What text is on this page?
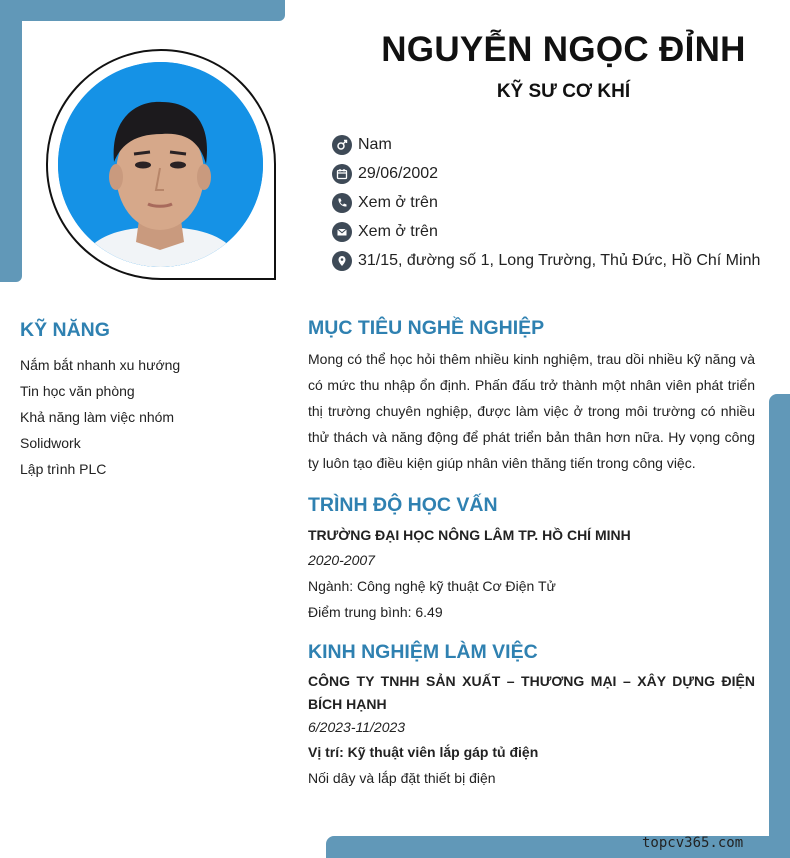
NGUYỄN NGỌC ĐỈNH
KỸ SƯ CƠ KHÍ
Nam
29/06/2002
Xem ở trên
Xem ở trên
31/15, đường số 1, Long Trường, Thủ Đức, Hồ Chí Minh
KỸ NĂNG
Nắm bắt nhanh xu hướng
Tin học văn phòng
Khả năng làm việc nhóm
Solidwork
Lập trình PLC
MỤC TIÊU NGHỀ NGHIỆP
Mong có thể học hỏi thêm nhiều kinh nghiệm, trau dồi nhiều kỹ năng và có mức thu nhập ổn định. Phấn đấu trở thành một nhân viên phát triển thị trường chuyên nghiệp, được làm việc ở trong môi trường có nhiều thử thách và năng động để phát triển bản thân hơn nữa. Hy vọng công ty luôn tạo điều kiện giúp nhân viên thăng tiến trong công việc.
TRÌNH ĐỘ HỌC VẤN
TRƯỜNG ĐẠI HỌC NÔNG LÂM TP. HỒ CHÍ MINH
2020-2007
Ngành: Công nghệ kỹ thuật Cơ Điện Tử
Điểm trung bình: 6.49
KINH NGHIỆM LÀM VIỆC
CÔNG TY TNHH SẢN XUẤT – THƯƠNG MẠI – XÂY DỰNG ĐIỆN BÍCH HẠNH
6/2023-11/2023
Vị trí: Kỹ thuật viên lắp gáp tủ điện
Nối dây và lắp đặt thiết bị điện
topcv365.com
